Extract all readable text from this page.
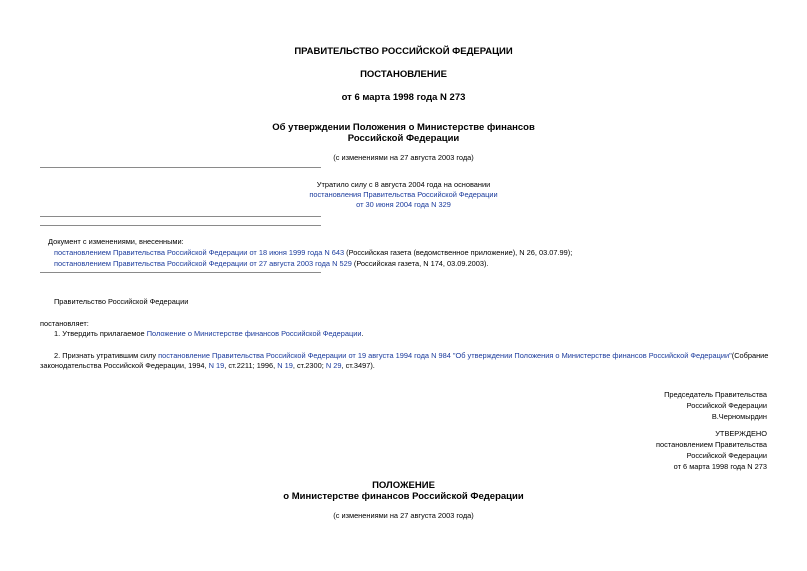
ПРАВИТЕЛЬСТВО РОССИЙСКОЙ ФЕДЕРАЦИИ
ПОСТАНОВЛЕНИЕ
от 6 марта 1998 года N 273
Об утверждении Положения о Министерстве финансов
Российской Федерации
(с изменениями на 27 августа 2003 года)
Утратило силу с 8 августа 2004 года на основании
постановления Правительства Российской Федерации
от 30 июня 2004 года N 329
Документ с изменениями, внесенными:
постановлением Правительства Российской Федерации от 18 июня 1999 года N 643 (Российская газета (ведомственное приложение), N 26, 03.07.99);
постановлением Правительства Российской Федерации от 27 августа 2003 года N 529 (Российская газета, N 174, 03.09.2003).
Правительство Российской Федерации
постановляет:
1. Утвердить прилагаемое Положение о Министерстве финансов Российской Федерации.
2. Признать утратившим силу постановление Правительства Российской Федерации от 19 августа 1994 года N 984 "Об утверждении Положения о Министерстве финансов Российской Федерации"(Собрание
законодательства Российской Федерации, 1994, N 19, ст.2211; 1996, N 19, ст.2300; N 29, ст.3497).
Председатель Правительства
Российской Федерации
В.Черномырдин
УТВЕРЖДЕНО
постановлением Правительства
Российской Федерации
от 6 марта 1998 года N 273
ПОЛОЖЕНИЕ
о Министерстве финансов Российской Федерации
(с изменениями на 27 августа 2003 года)
